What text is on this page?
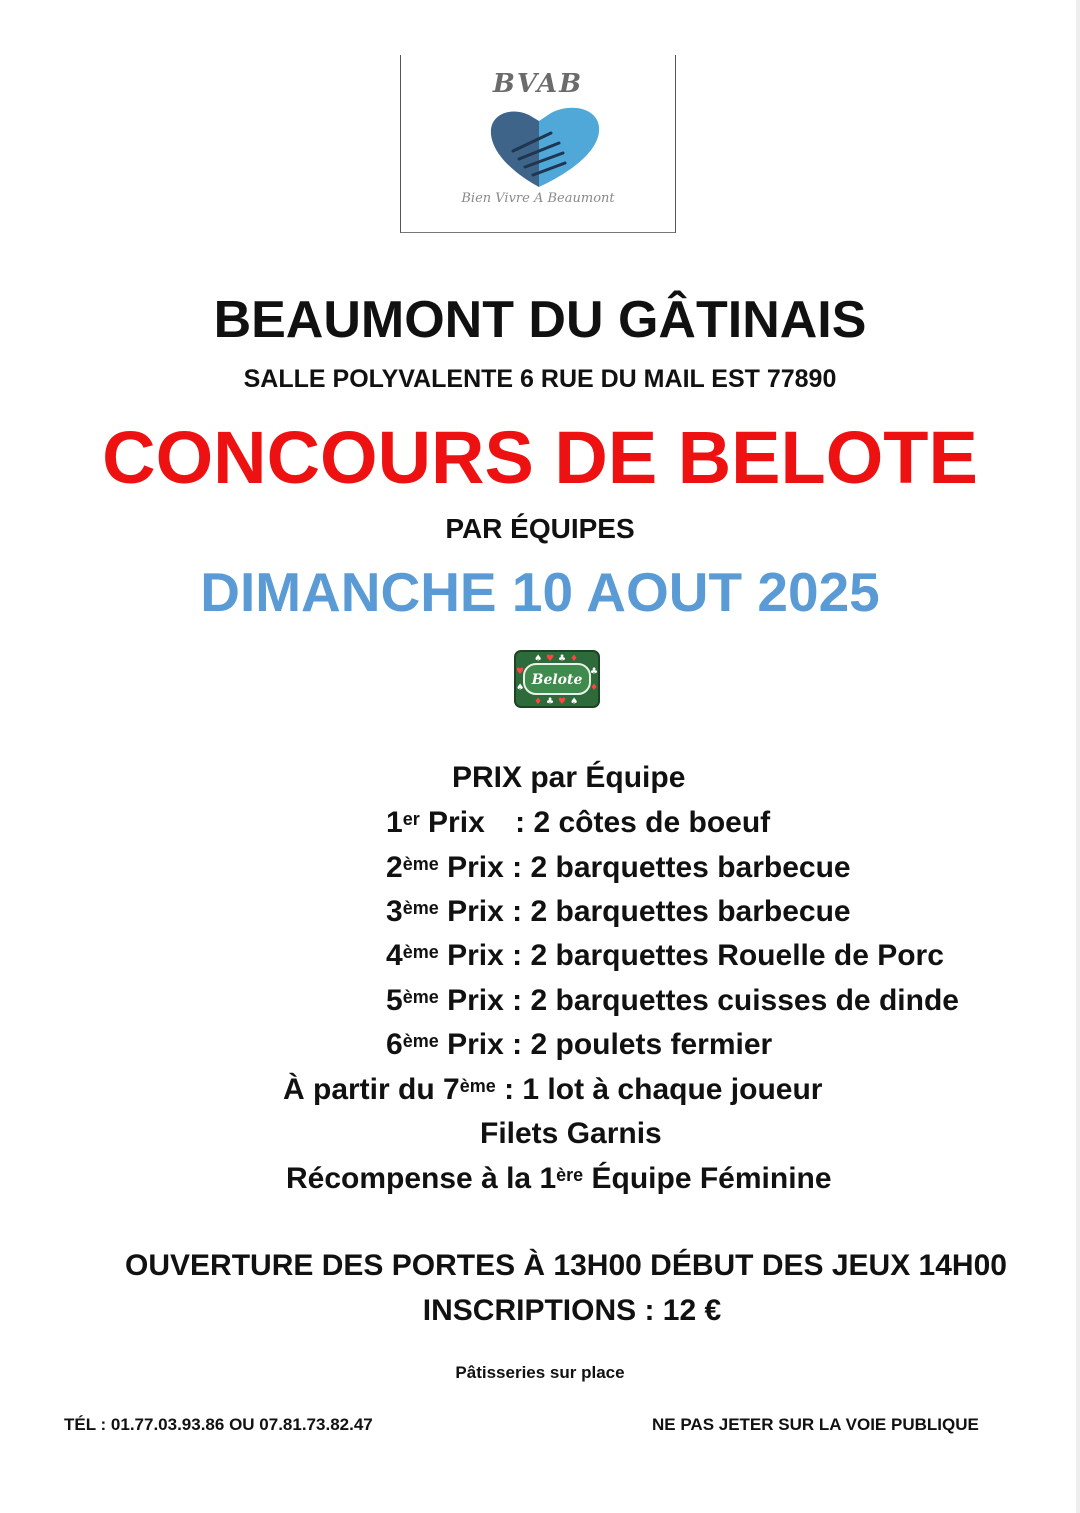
BVAB
Bien Vivre A Beaumont
BEAUMONT DU GÂTINAIS
SALLE POLYVALENTE 6 RUE DU MAIL EST 77890
CONCOURS DE BELOTE
PAR ÉQUIPES
DIMANCHE 10 AOUT 2025
♠ ♥ ♣ ♦
♦ ♣ ♥ ♠
♥
♠
♣
♦
Belote
PRIX par Équipe
1er Prix : 2 côtes de boeuf
2ème Prix : 2 barquettes barbecue
3ème Prix : 2 barquettes barbecue
4ème Prix : 2 barquettes Rouelle de Porc
5ème Prix : 2 barquettes cuisses de dinde
6ème Prix : 2 poulets fermier
À partir du 7ème : 1 lot à chaque joueur
Filets Garnis
Récompense à la 1ère Équipe Féminine
OUVERTURE DES PORTES À 13H00 DÉBUT DES JEUX 14H00
INSCRIPTIONS : 12 €
Pâtisseries sur place
TÉL : 01.77.03.93.86 OU 07.81.73.82.47	NE PAS JETER SUR LA VOIE PUBLIQUE
